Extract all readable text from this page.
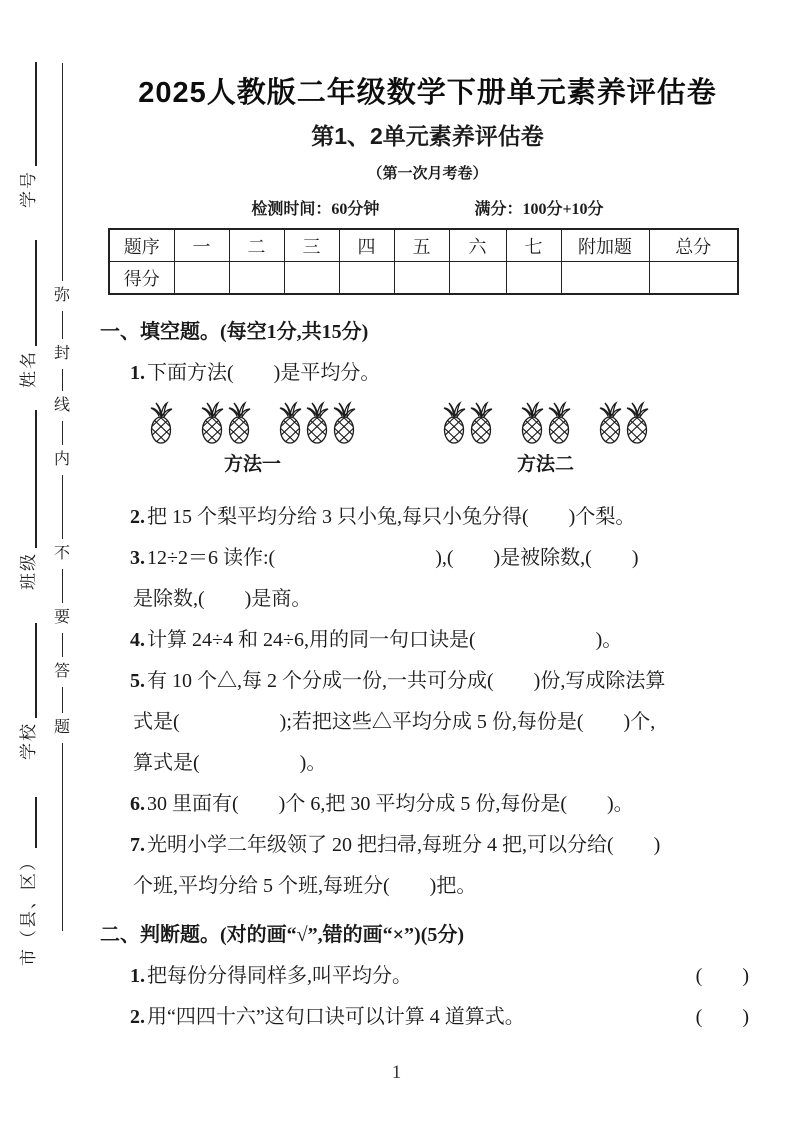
学号
姓名
班级
学校
市（县、区）
弥
封
线
内
不
要
答
题
2025人教版二年级数学下册单元素养评估卷
第1、2单元素养评估卷
（第一次月考卷）
检测时间：60分钟	满分：100分+10分
题序	一	二	三	四	五	六	七	附加题	总分
得分									
一、填空题。(每空1分,共15分)
1. 下面方法(　　)是平均分。
方法一	方法二
2. 把 15 个梨平均分给 3 只小兔,每只小兔分得(　　)个梨。
3. 12÷2＝6 读作:(　　　　　　　　),(　　)是被除数,(　　)
是除数,(　　)是商。
4. 计算 24÷4 和 24÷6,用的同一句口诀是(　　　　　　)。
5. 有 10 个△,每 2 个分成一份,一共可分成(　　)份,写成除法算
式是(　　　　　);若把这些△平均分成 5 份,每份是(　　)个,
算式是(　　　　　)。
6. 30 里面有(　　)个 6,把 30 平均分成 5 份,每份是(　　)。
7. 光明小学二年级领了 20 把扫帚,每班分 4 把,可以分给(　　)
个班,平均分给 5 个班,每班分(　　)把。
二、判断题。(对的画“√”,错的画“×”)(5分)
1. 把每份分得同样多,叫平均分。	(　　)
2. 用“四四十六”这句口诀可以计算 4 道算式。	(　　)
1
